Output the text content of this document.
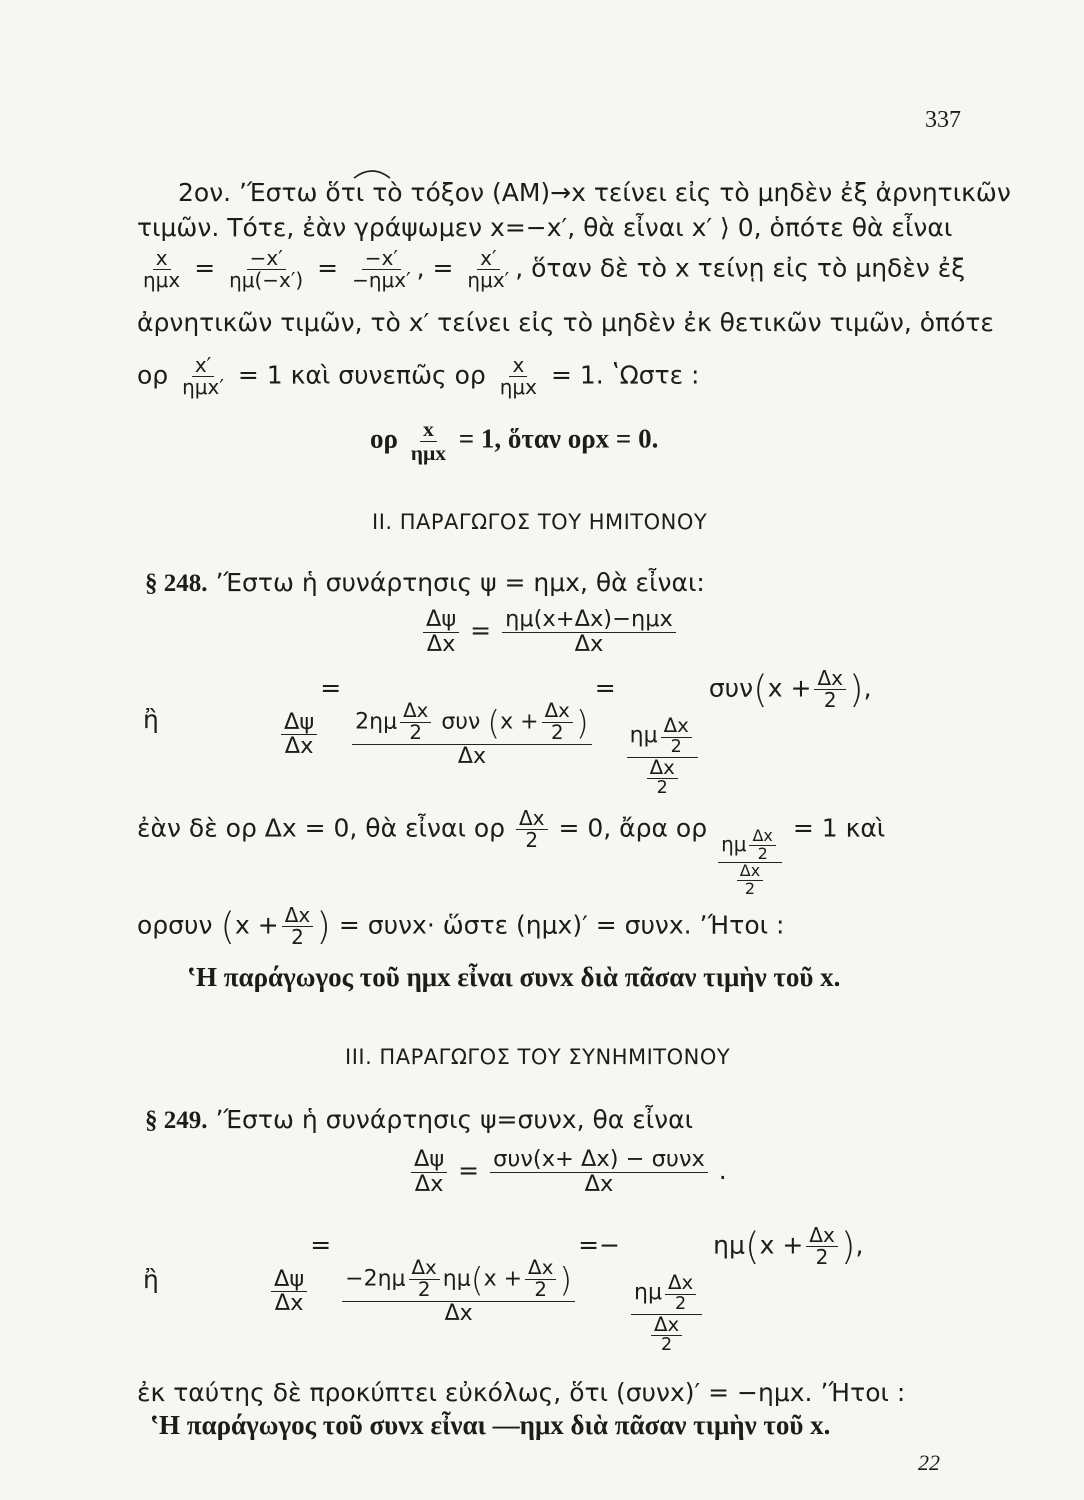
337
2ον. ʼΈστω ὅτι τὸ τόξον (AM)→x τείνει εἰς τὸ μηδὲν ἐξ ἀρνητικῶν
τιμῶν. Τότε, ἐὰν γράψωμεν x=−x′, θὰ εἶναι x′ ⟩ 0, ὁπότε θὰ εἶναι
$\frac{x}{\text{ημx}} = \frac{-x'}{\eta\mu(-x')} = \frac{-x'}{\text{−ημx′}}$ , = $\frac{x'}{\text{ημx′}}$ , ὅταν δὲ τὸ x τείνῃ εἰς τὸ μηδὲν ἐξ
ἀρνητικῶν τιμῶν, τὸ x′ τείνει εἰς τὸ μηδὲν ἐκ θετικῶν τιμῶν, ὁπότε
ορ $\frac{x'}{\text{ημx′}} = 1$ καὶ συνεπῶς ορ $\frac{x}{\text{ημx}} = 1$. ʽΩστε :
ορ $\frac{x}{\text{ημx}} = 1$, ὅταν ορx = 0.
II. ΠΑΡΑΓΩΓΟΣ ΤΟΥ ΗΜΙΤΟΝΟΥ
§ 248. ʼΈστω ἡ συνάρτησις ψ = ημx, θὰ εἶναι:
$\frac{\Delta\psi}{\Delta x} = \frac{\text{ημ(x+Δx)−ημx}}{\Delta x}$
ἢ	$\frac{\Delta\psi}{\Delta x}$
=
$\frac{2\eta\mu \frac{\Delta x}{2} \sigma\upsilon\nu (x + \frac{\Delta x}{2} )}{\Delta x}$
=
$\frac{\eta\mu \frac{\Delta x}{2}}{\frac{\Delta x}{2}}$
$\sigma\upsilon\nu(x + \frac{\Delta x}{2}$ ),
ἐὰν δὲ ορ Δx = 0, θὰ εἶναι ορ $\frac{\Delta x}{2} = 0$, ἄρα ορ $\frac{\eta\mu \frac{\Delta x}{2}}{\frac{\Delta x}{2}} = 1$ καὶ
ορσυν ($x + \frac{\Delta x}{2}$ ) = συνx· ὥστε (ημx)′ = συνx. ʼΉτοι :
ʽΗ παράγωγος τοῦ ημx εἶναι συνx διὰ πᾶσαν τιμὴν τοῦ x.
III. ΠΑΡΑΓΩΓΟΣ ΤΟΥ ΣΥΝΗΜΙΤΟΝΟΥ
§ 249. ʼΈστω ἡ συνάρτησις ψ=συνx, θα εἶναι
$\frac{\Delta\psi}{\Delta x} = \frac{\text{συν(x+ Δx) − συνx}}{\Delta x}$ .
ἢ	$\frac{\Delta\psi}{\Delta x}$
=
$\frac{-2\eta\mu \frac{\Delta x}{2} \eta\mu(x + \frac{\Delta x}{2} )}{\Delta x}$
=−
$\frac{\eta\mu \frac{\Delta x}{2}}{\frac{\Delta x}{2}}$
$\eta\mu(x + \frac{\Delta x}{2}$ ),
ἐκ ταύτης δὲ προκύπτει εὐκόλως, ὅτι (συνx)′ = −ημx. ʼΉτοι :
ʽΗ παράγωγος τοῦ συνx εἶναι —ημx διὰ πᾶσαν τιμὴν τοῦ x.
22
